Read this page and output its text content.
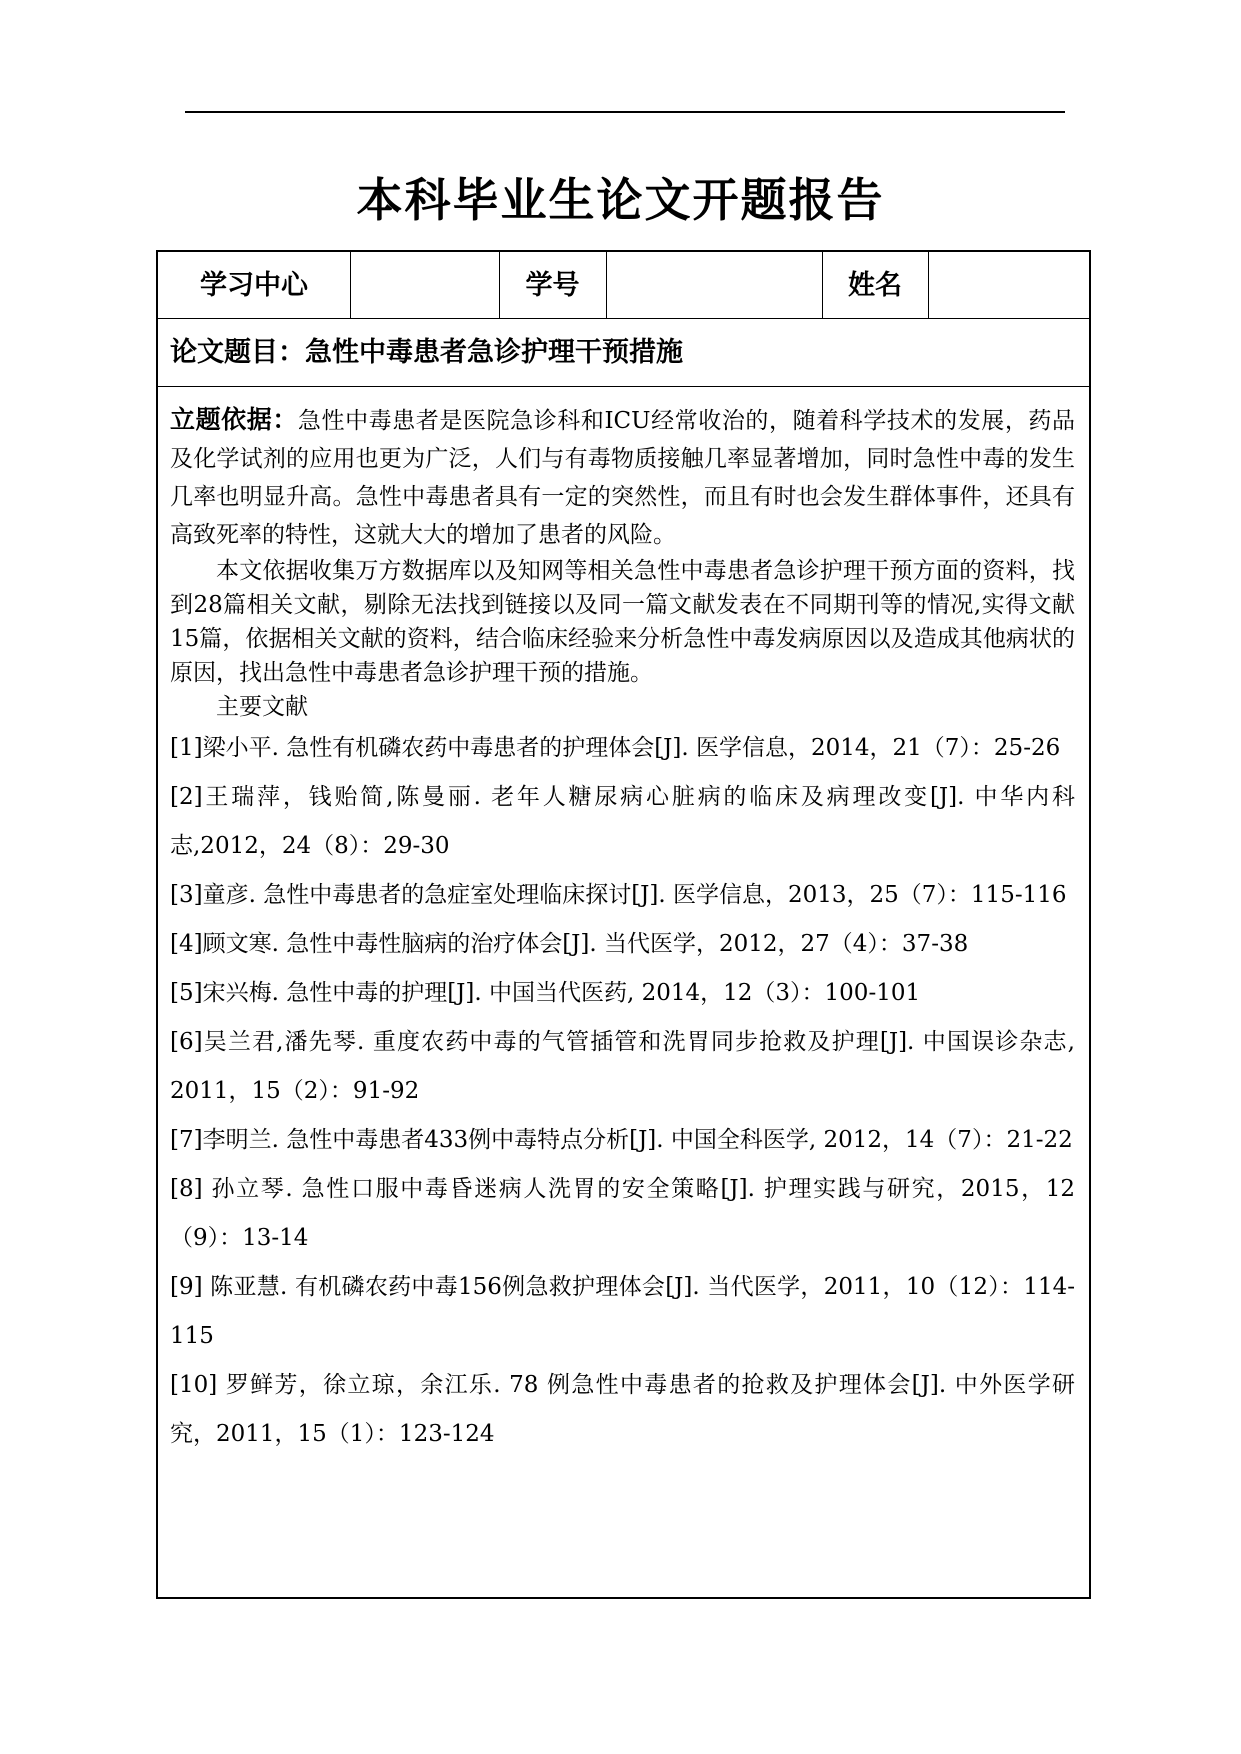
本科毕业生论文开题报告
学习中心	学号	姓名
论文题目：急性中毒患者急诊护理干预措施

立题依据：急性中毒患者是医院急诊科和ICU经常收治的，随着科学技术的发展，药品及化学试剂的应用也更为广泛，人们与有毒物质接触几率显著增加，同时急性中毒的发生几率也明显升高。急性中毒患者具有一定的突然性，而且有时也会发生群体事件，还具有高致死率的特性，这就大大的增加了患者的风险。

本文依据收集万方数据库以及知网等相关急性中毒患者急诊护理干预方面的资料，找到28篇相关文献，剔除无法找到链接以及同一篇文献发表在不同期刊等的情况,实得文献15篇，依据相关文献的资料，结合临床经验来分析急性中毒发病原因以及造成其他病状的原因，找出急性中毒患者急诊护理干预的措施。

主要文献

[1]梁小平. 急性有机磷农药中毒患者的护理体会[J]. 医学信息，2014，21（7）：25-26
[2]王瑞萍，钱贻简,陈曼丽. 老年人糖尿病心脏病的临床及病理改变[J]. 中华内科志,2012，24（8）：29-30
[3]童彦. 急性中毒患者的急症室处理临床探讨[J]. 医学信息，2013，25（7）：115-116
[4]顾文寒. 急性中毒性脑病的治疗体会[J]. 当代医学，2012，27（4）：37-38
[5]宋兴梅. 急性中毒的护理[J]. 中国当代医药, 2014，12（3）：100-101
[6]吴兰君,潘先琴. 重度农药中毒的气管插管和洗胃同步抢救及护理[J]. 中国误诊杂志, 2011，15（2）：91-92
[7]李明兰. 急性中毒患者433例中毒特点分析[J]. 中国全科医学, 2012，14（7）：21-22
[8] 孙立琴. 急性口服中毒昏迷病人洗胃的安全策略[J]. 护理实践与研究，2015，12（9）：13-14
[9] 陈亚慧. 有机磷农药中毒156例急救护理体会[J]. 当代医学，2011，10（12）：114-115
[10] 罗鲜芳，徐立琼，余江乐. 78 例急性中毒患者的抢救及护理体会[J]. 中外医学研究，2011，15（1）：123-124
